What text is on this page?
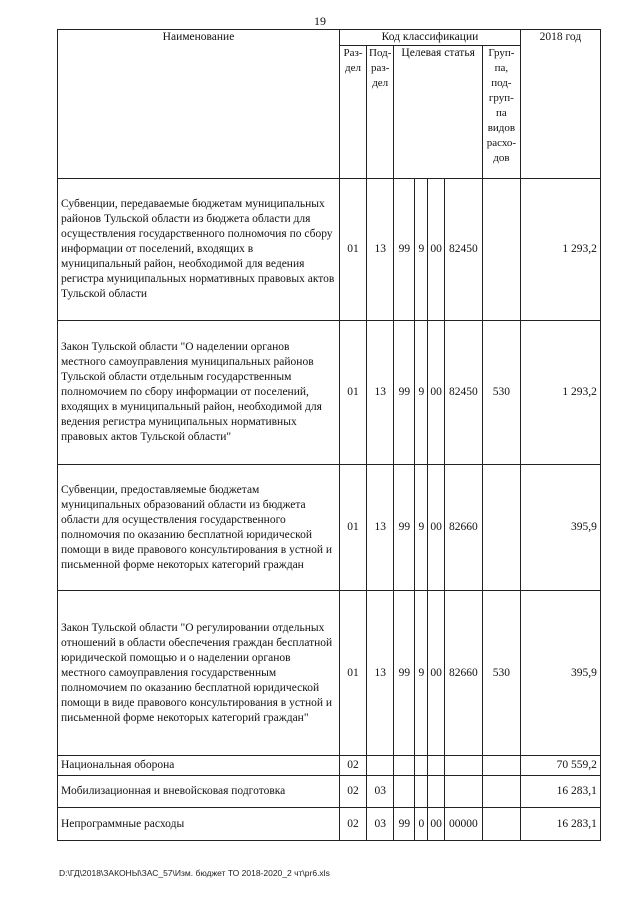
19
Наименование	Код классификации							2018 год
	Раз-дел	Под-раз-дел	Целевая статья				Груп-па, под-груп-па видов расхо-дов	
Субвенции, передаваемые бюджетам муниципальных районов Тульской области из бюджета области для осуществления государственного полномочия по сбору информации от поселений, входящих в муниципальный район, необходимой для ведения регистра муниципальных нормативных правовых актов Тульской области	01	13	99	9	00	82450		1 293,2
Закон Тульской области "О наделении органов местного самоуправления муниципальных районов Тульской области отдельным государственным полномочием по сбору информации от поселений, входящих в муниципальный район, необходимой для ведения регистра муниципальных нормативных правовых актов Тульской области"	01	13	99	9	00	82450	530	1 293,2
Субвенции, предоставляемые бюджетам муниципальных образований области из бюджета области для осуществления государственного полномочия по оказанию бесплатной юридической помощи в виде правового консультирования в устной и письменной форме некоторых категорий граждан	01	13	99	9	00	82660		395,9
Закон Тульской области "О регулировании отдельных отношений в области обеспечения граждан бесплатной юридической помощью и о наделении органов местного самоуправления государственным полномочием по оказанию бесплатной юридической помощи в виде правового консультирования в устной и письменной форме некоторых категорий граждан"	01	13	99	9	00	82660	530	395,9
Национальная оборона	02							70 559,2
Мобилизационная и вневойсковая подготовка	02	03						16 283,1
Непрограммные расходы	02	03	99	0	00	00000		16 283,1
D:\ГД\2018\ЗАКОНЫ\ЗАС_57\Изм. бюджет ТО 2018-2020_2 чт\pr6.xls
